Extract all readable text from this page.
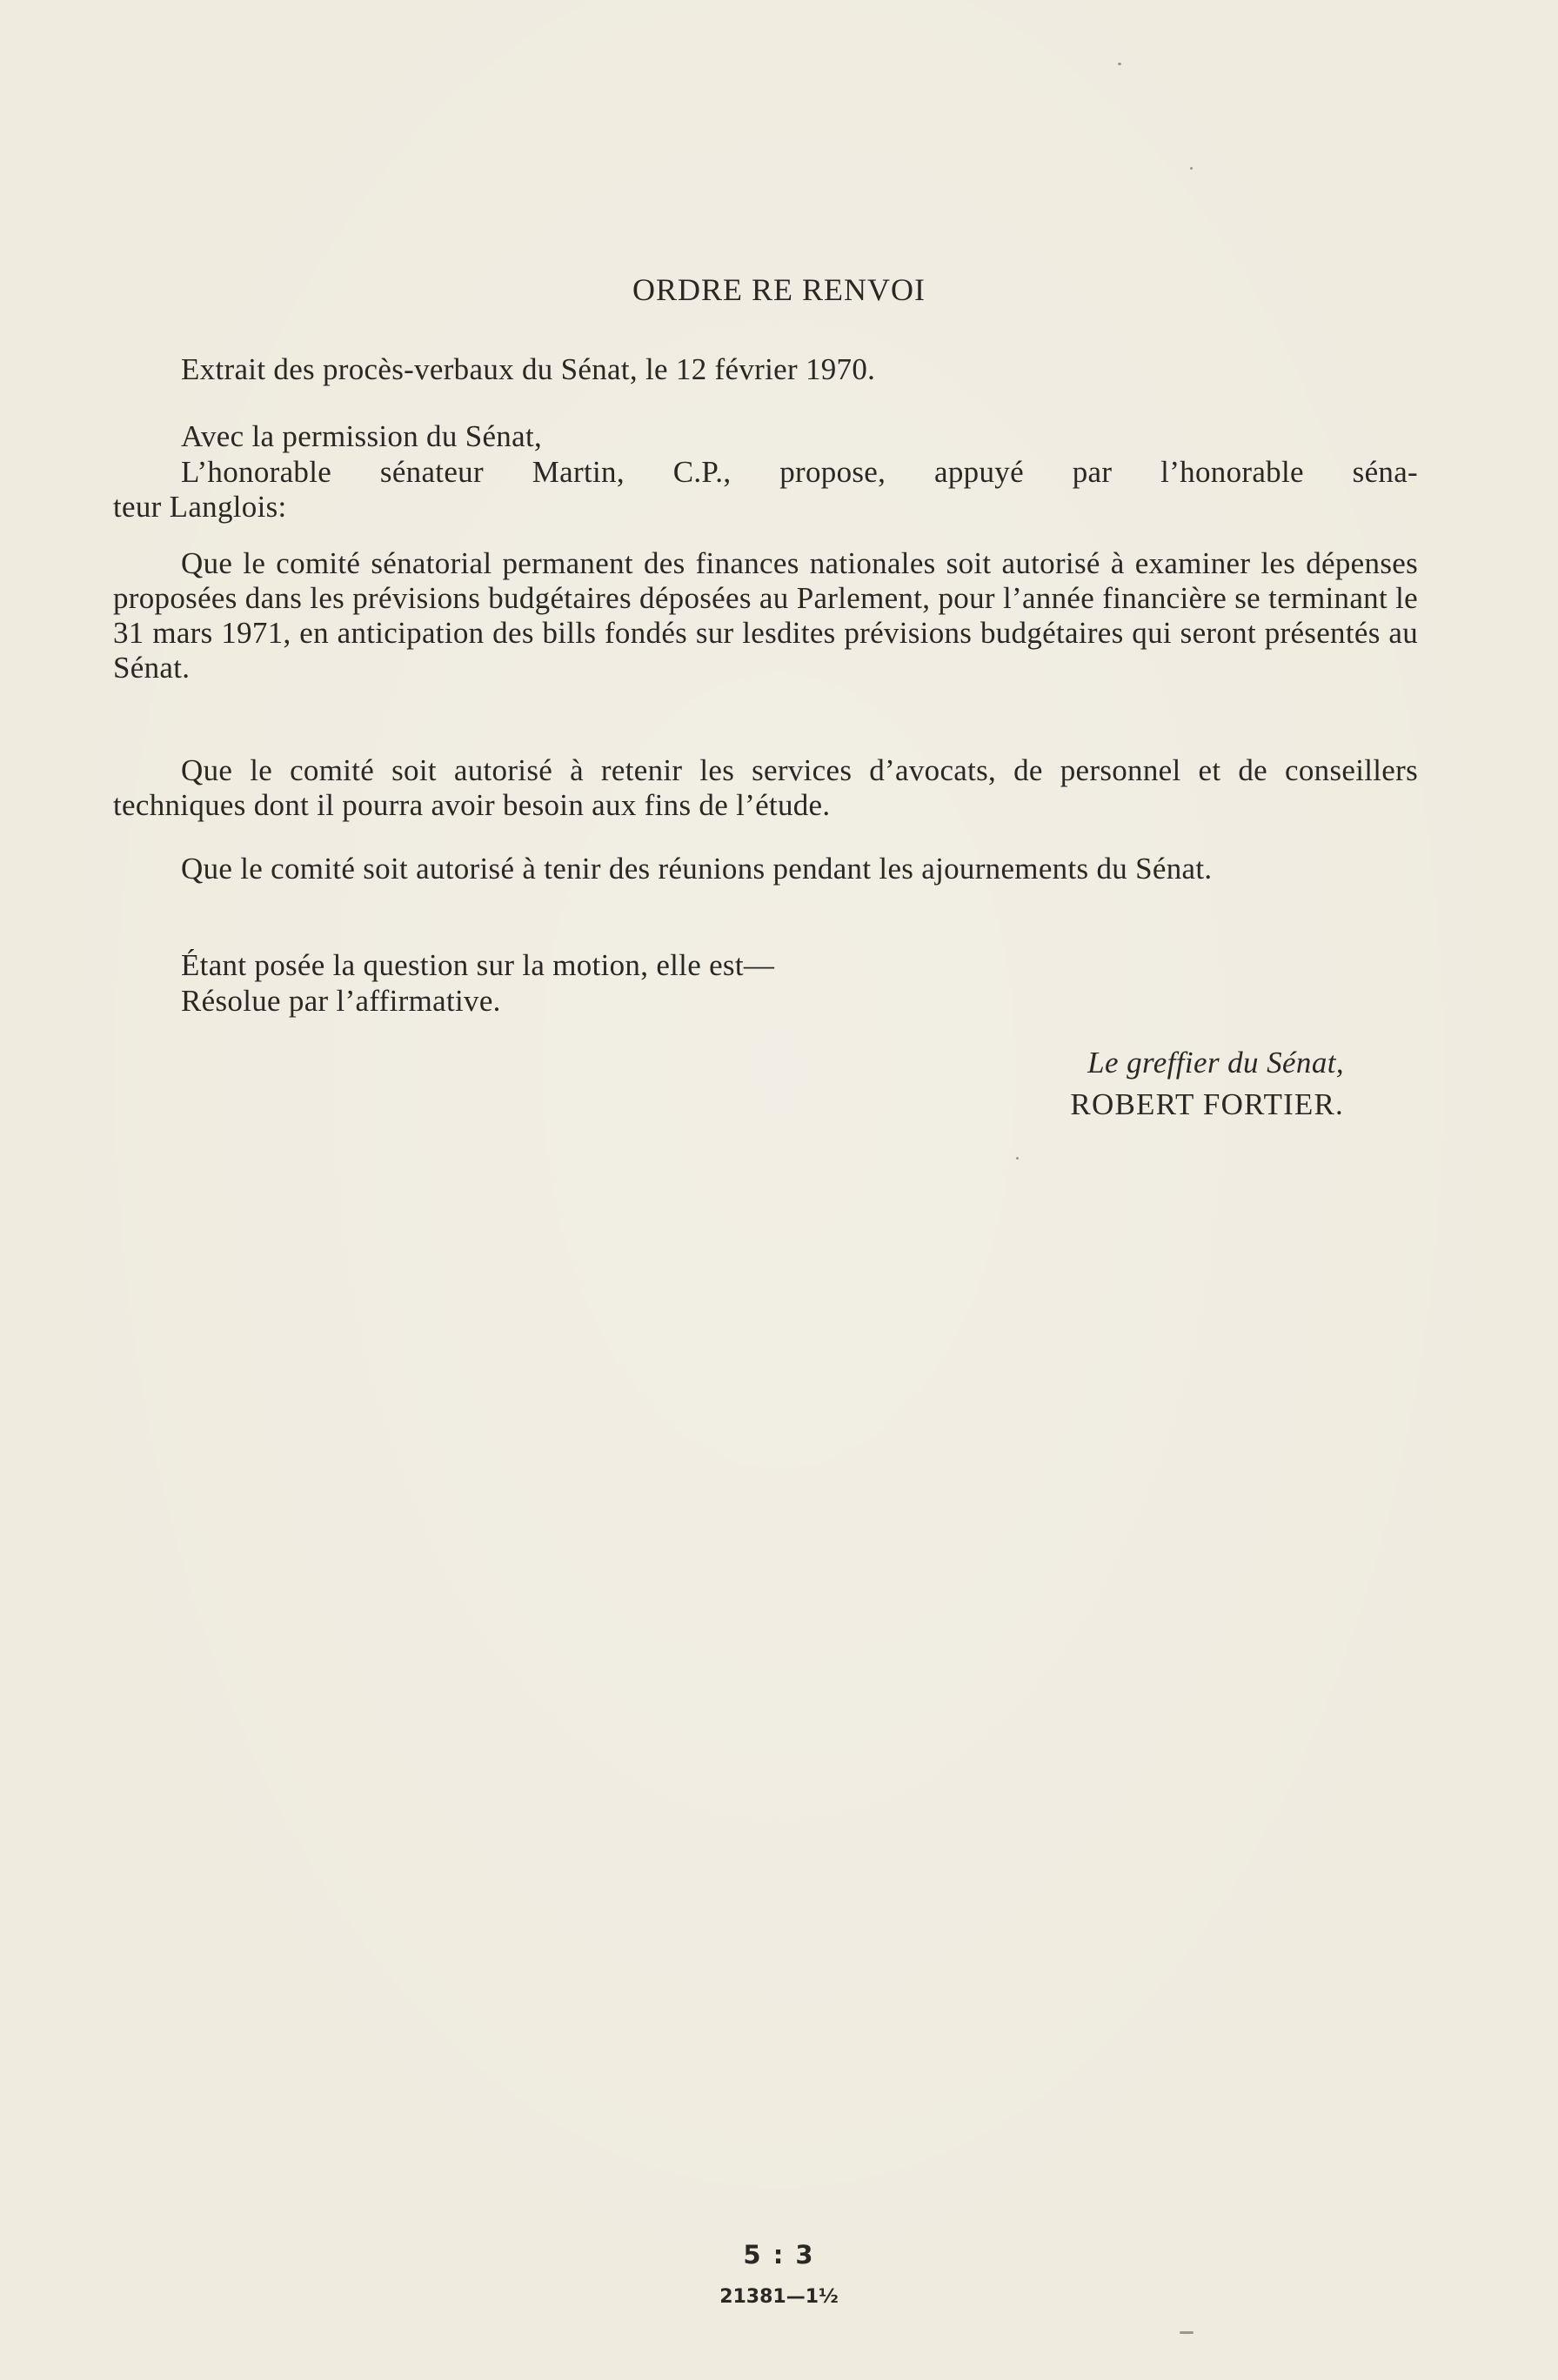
ORDRE RE RENVOI
Extrait des procès-verbaux du Sénat, le 12 février 1970.
Avec la permission du Sénat,
L’honorable sénateur Martin, C.P., propose, appuyé par l’honorable séna-
teur Langlois:
Que le comité sénatorial permanent des finances nationales soit autorisé à examiner les dépenses proposées dans les prévisions budgétaires déposées au Parlement, pour l’année financière se terminant le 31 mars 1971, en anticipation des bills fondés sur lesdites prévisions budgétaires qui seront présentés au Sénat.
Que le comité soit autorisé à retenir les services d’avocats, de personnel et de conseillers techniques dont il pourra avoir besoin aux fins de l’étude.
Que le comité soit autorisé à tenir des réunions pendant les ajournements du Sénat.
Étant posée la question sur la motion, elle est—
Résolue par l’affirmative.
Le greffier du Sénat,
ROBERT FORTIER.
5 : 3
21381—1½
